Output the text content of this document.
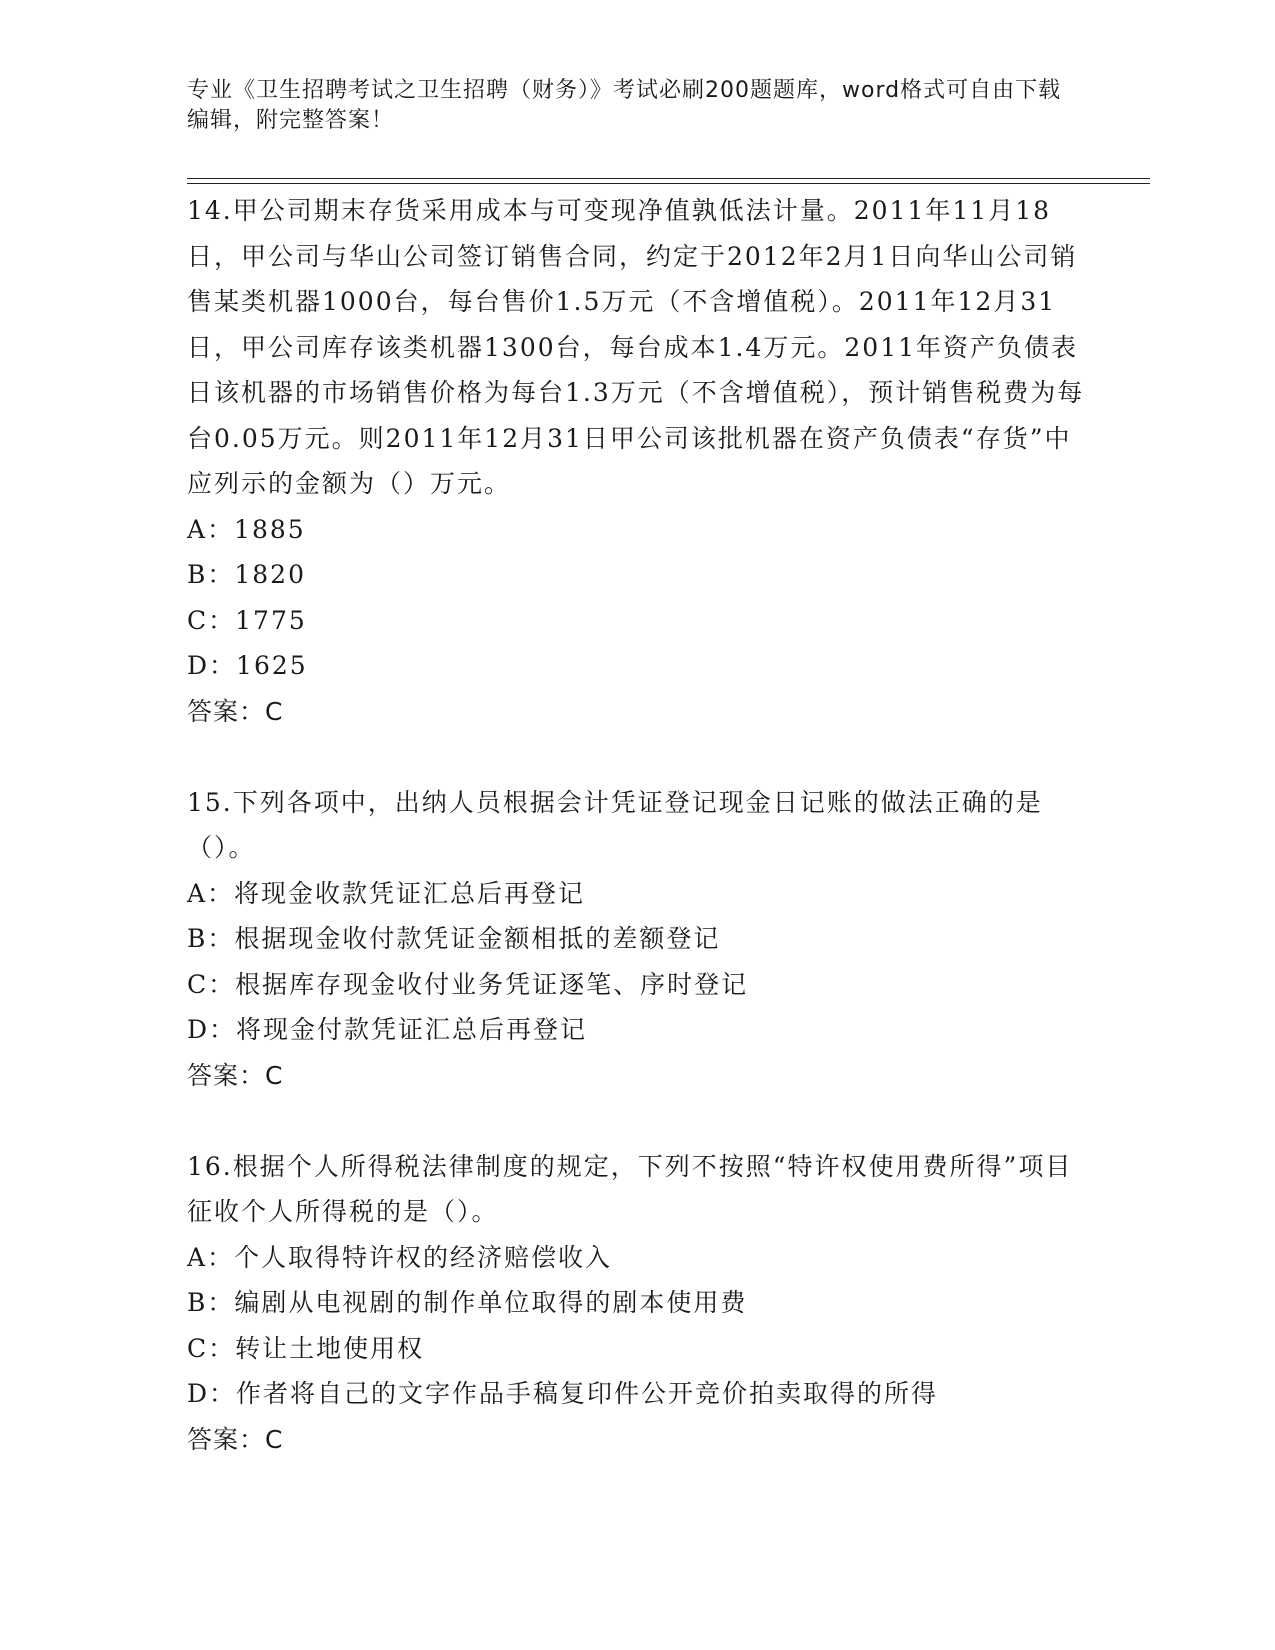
专业《卫生招聘考试之卫生招聘（财务）》考试必刷200题题库，word格式可自由下载编辑，附完整答案！

14.甲公司期末存货采用成本与可变现净值孰低法计量。2011年11月18日，甲公司与华山公司签订销售合同，约定于2012年2月1日向华山公司销售某类机器1000台，每台售价1.5万元（不含增值税）。2011年12月31日，甲公司库存该类机器1300台，每台成本1.4万元。2011年资产负债表日该机器的市场销售价格为每台1.3万元（不含增值税），预计销售税费为每台0.05万元。则2011年12月31日甲公司该批机器在资产负债表“存货”中应列示的金额为（）万元。

A：1885

B：1820

C：1775

D：1625

答案：C

15.下列各项中，出纳人员根据会计凭证登记现金日记账的做法正确的是（）。

A：将现金收款凭证汇总后再登记

B：根据现金收付款凭证金额相抵的差额登记

C：根据库存现金收付业务凭证逐笔、序时登记

D：将现金付款凭证汇总后再登记

答案：C

16.根据个人所得税法律制度的规定，下列不按照“特许权使用费所得”项目征收个人所得税的是（）。

A：个人取得特许权的经济赔偿收入

B：编剧从电视剧的制作单位取得的剧本使用费

C：转让土地使用权

D：作者将自己的文字作品手稿复印件公开竞价拍卖取得的所得

答案：C
